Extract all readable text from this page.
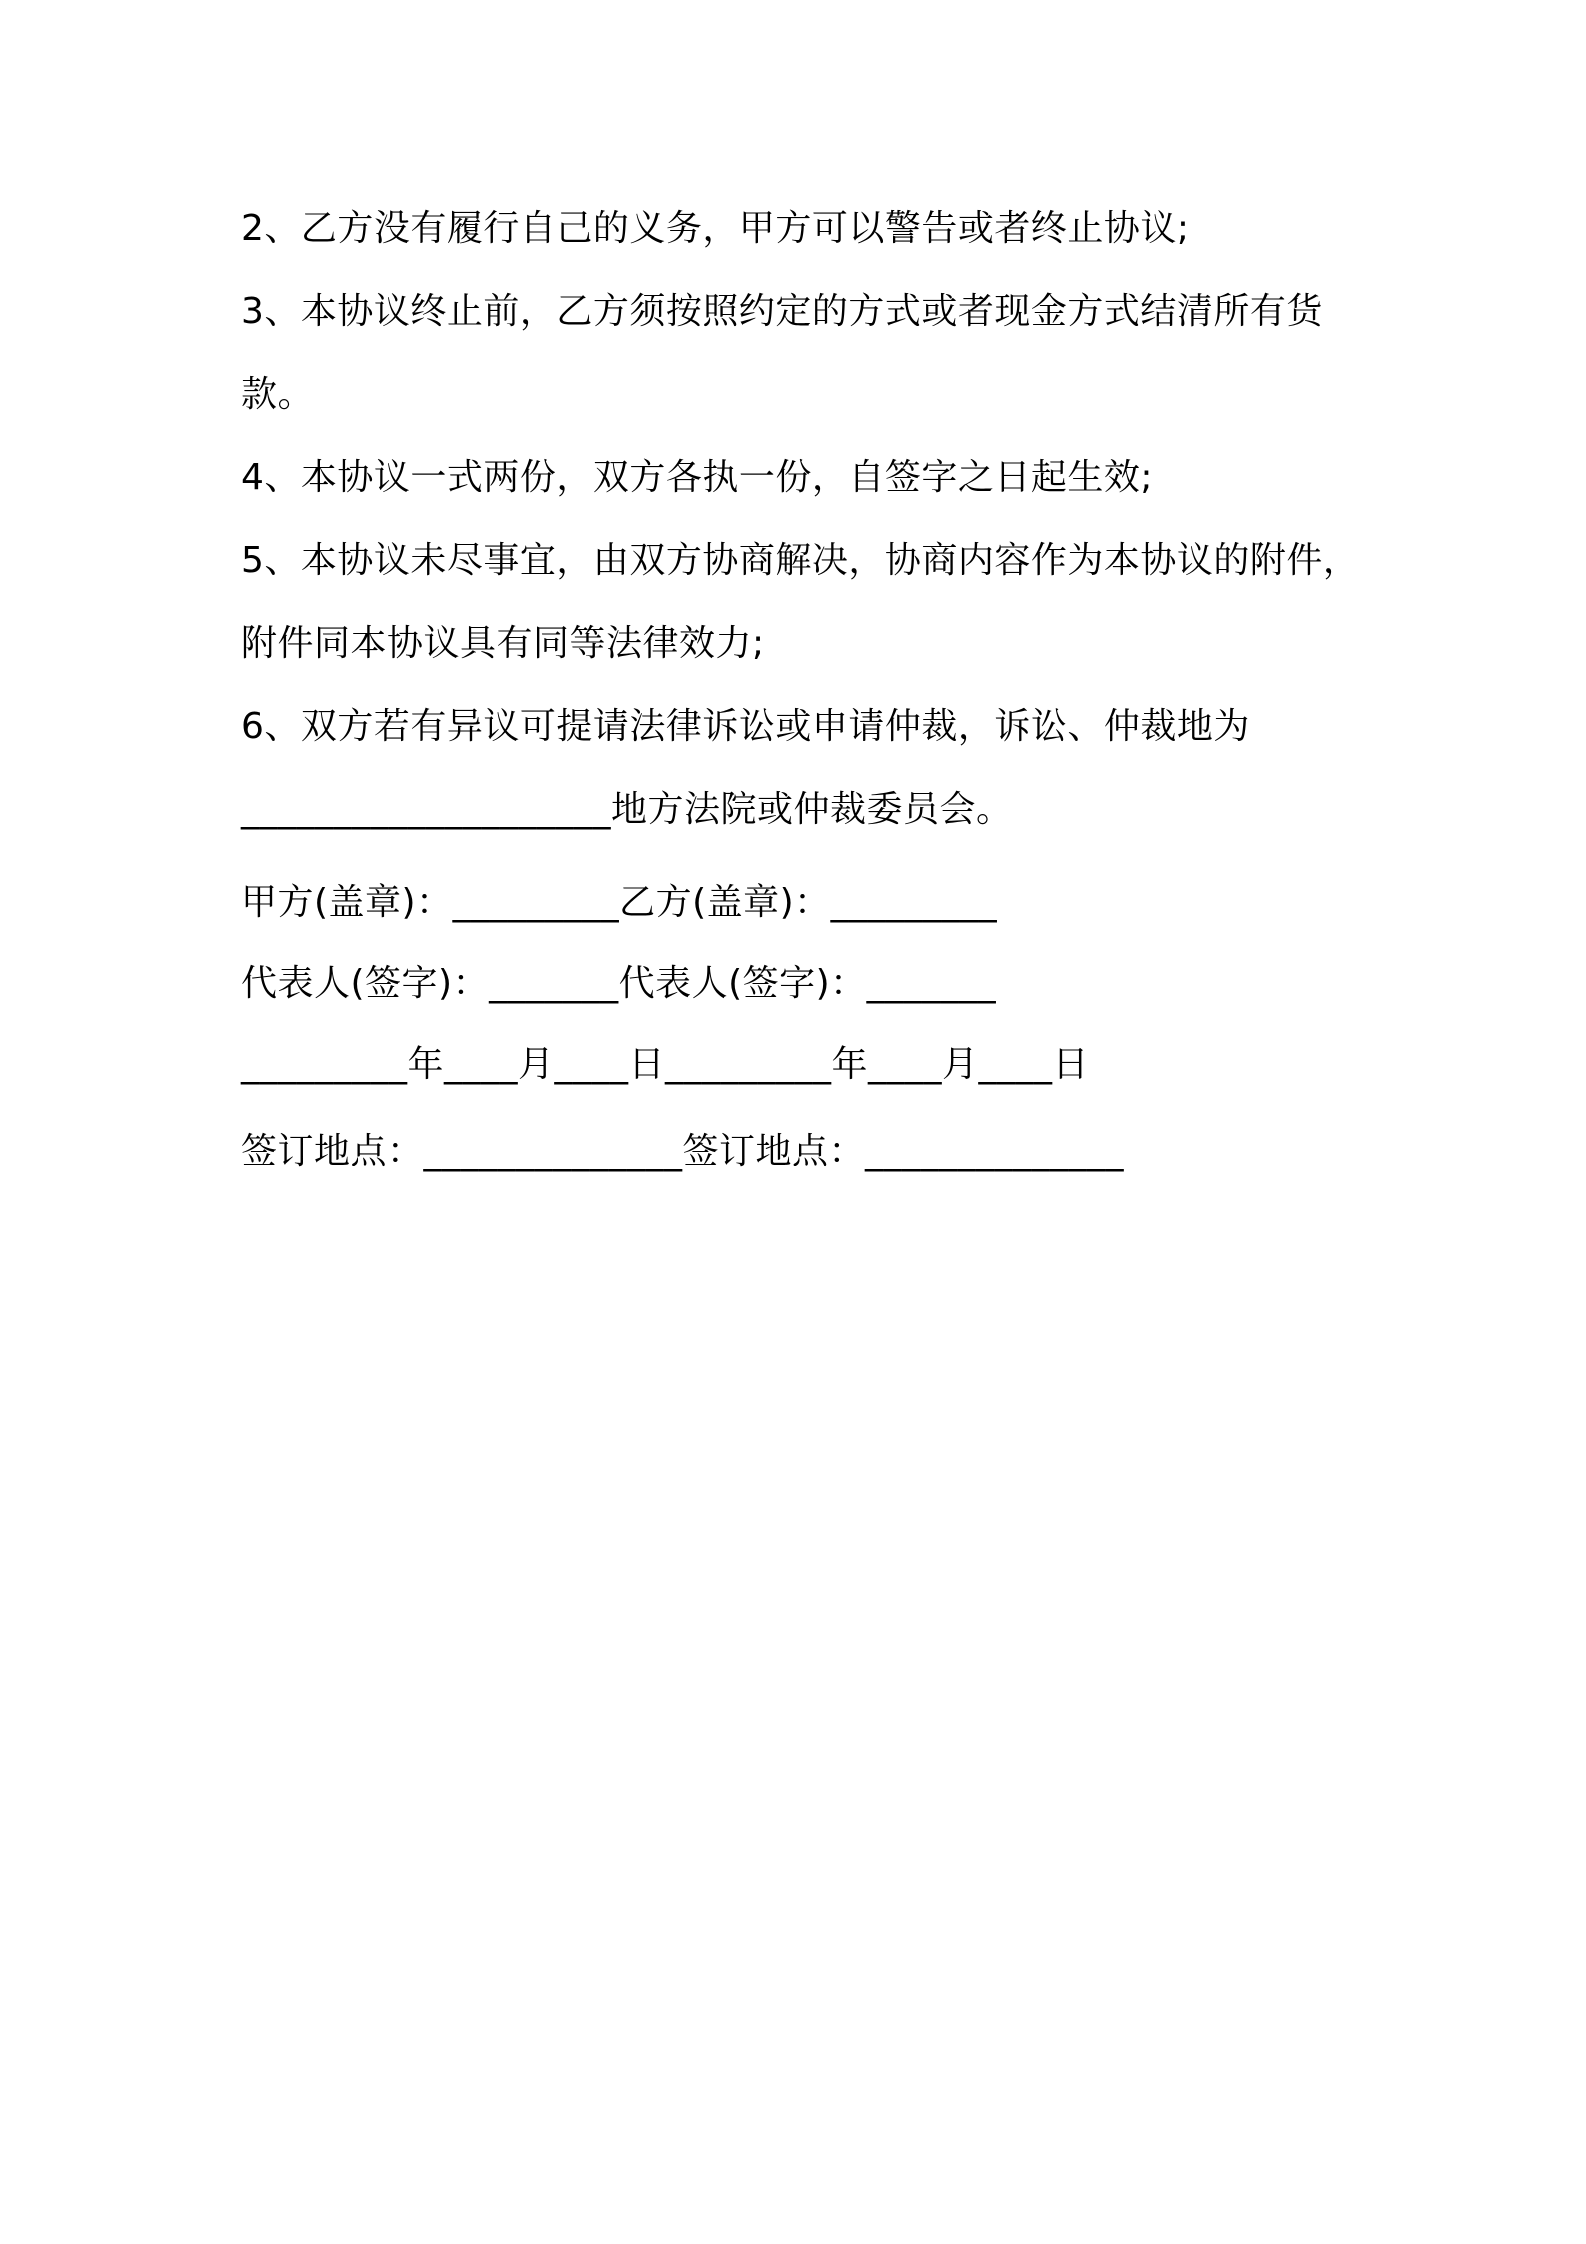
2、乙方没有履行自己的义务，甲方可以警告或者终止协议;
3、本协议终止前，乙方须按照约定的方式或者现金方式结清所有货
款。
4、本协议一式两份，双方各执一份，自签字之日起生效;
5、本协议未尽事宜，由双方协商解决，协商内容作为本协议的附件，
附件同本协议具有同等法律效力;
6、双方若有异议可提请法律诉讼或申请仲裁，诉讼、仲裁地为
____________________地方法院或仲裁委员会。
甲方(盖章)：_________乙方(盖章)：_________
代表人(签字)：_______代表人(签字)：_______
_________年____月____日_________年____月____日
签订地点：______________签订地点：______________
